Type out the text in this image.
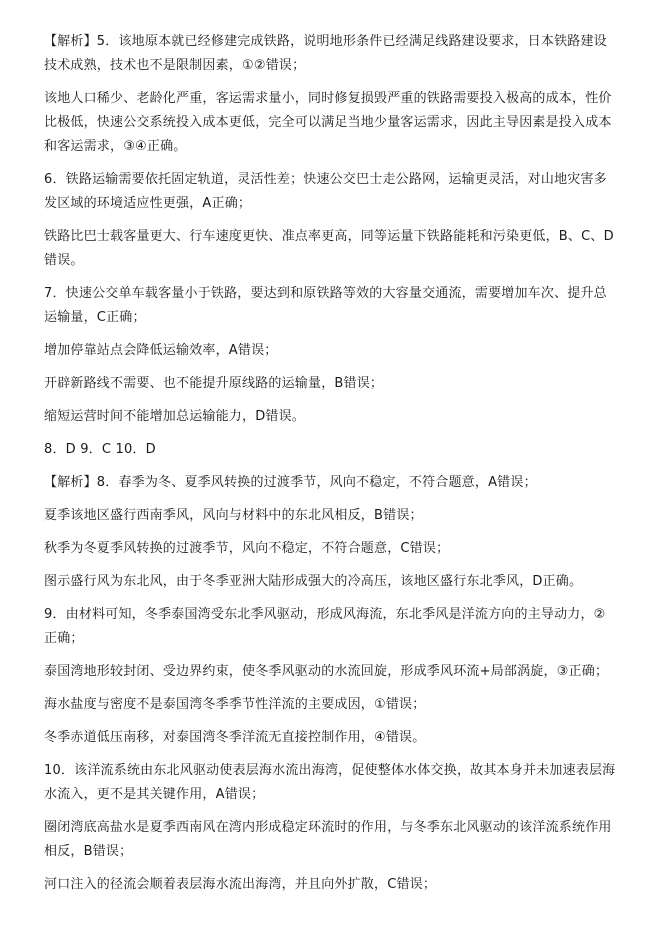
【解析】5．该地原本就已经修建完成铁路，说明地形条件已经满足线路建设要求，日本铁路建设技术成熟，技术也不是限制因素，①②错误；

该地人口稀少、老龄化严重，客运需求量小，同时修复损毁严重的铁路需要投入极高的成本，性价比极低，快速公交系统投入成本更低，完全可以满足当地少量客运需求，因此主导因素是投入成本和客运需求，③④正确。

6．铁路运输需要依托固定轨道，灵活性差；快速公交巴士走公路网，运输更灵活，对山地灾害多发区域的环境适应性更强，A正确；

铁路比巴士载客量更大、行车速度更快、准点率更高，同等运量下铁路能耗和污染更低，B、C、D错误。

7．快速公交单车载客量小于铁路，要达到和原铁路等效的大容量交通流，需要增加车次、提升总运输量，C正确；

增加停靠站点会降低运输效率，A错误；

开辟新路线不需要、也不能提升原线路的运输量，B错误；

缩短运营时间不能增加总运输能力，D错误。

8．D 9．C 10．D

【解析】8．春季为冬、夏季风转换的过渡季节，风向不稳定，不符合题意，A错误；

夏季该地区盛行西南季风，风向与材料中的东北风相反，B错误；

秋季为冬夏季风转换的过渡季节，风向不稳定，不符合题意，C错误；

图示盛行风为东北风，由于冬季亚洲大陆形成强大的冷高压，该地区盛行东北季风，D正确。

9．由材料可知，冬季泰国湾受东北季风驱动，形成风海流，东北季风是洋流方向的主导动力，②正确；

泰国湾地形较封闭、受边界约束，使冬季风驱动的水流回旋，形成季风环流+局部涡旋，③正确；

海水盐度与密度不是泰国湾冬季季节性洋流的主要成因，①错误；

冬季赤道低压南移，对泰国湾冬季洋流无直接控制作用，④错误。

10．该洋流系统由东北风驱动使表层海水流出海湾，促使整体水体交换，故其本身并未加速表层海水流入，更不是其关键作用，A错误；

圈闭湾底高盐水是夏季西南风在湾内形成稳定环流时的作用，与冬季东北风驱动的该洋流系统作用相反，B错误；

河口注入的径流会顺着表层海水流出海湾，并且向外扩散，C错误；
